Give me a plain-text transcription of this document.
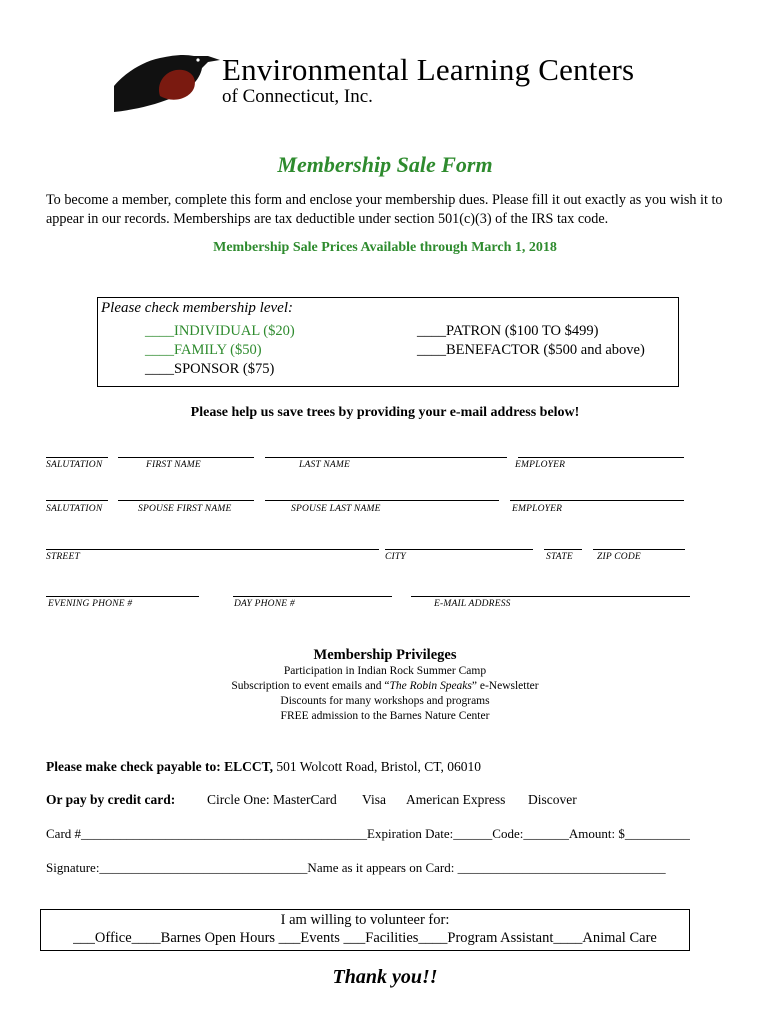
Environmental Learning Centers
of Connecticut, Inc.
Membership Sale Form
To become a member, complete this form and enclose your membership dues. Please fill it out exactly as you wish it to appear in our records. Memberships are tax deductible under section 501(c)(3) of the IRS tax code.
Membership Sale Prices Available through March 1, 2018
Please check membership level:
____INDIVIDUAL ($20)
____FAMILY ($50)
____SPONSOR ($75)
____PATRON ($100 TO $499)
____BENEFACTOR ($500 and above)
Please help us save trees by providing your e-mail address below!
SALUTATION	FIRST NAME	LAST NAME	EMPLOYER
SALUTATION	SPOUSE FIRST NAME	SPOUSE LAST NAME	EMPLOYER
STREET	CITY	STATE	ZIP CODE
EVENING PHONE #	DAY PHONE #	E-MAIL ADDRESS
Membership Privileges
Participation in Indian Rock Summer Camp
Subscription to event emails and “The Robin Speaks” e-Newsletter
Discounts for many workshops and programs
FREE admission to the Barnes Nature Center
Please make check payable to: ELCCT, 501 Wolcott Road, Bristol, CT, 06010
Or pay by credit card: Circle One: MasterCard Visa American Express Discover
Card #____________________________________________Expiration Date:______Code:_______Amount: $__________
Signature:________________________________Name as it appears on Card: ________________________________
I am willing to volunteer for:
___Office____Barnes Open Hours ___Events ___Facilities____Program Assistant____Animal Care
Thank you!!
